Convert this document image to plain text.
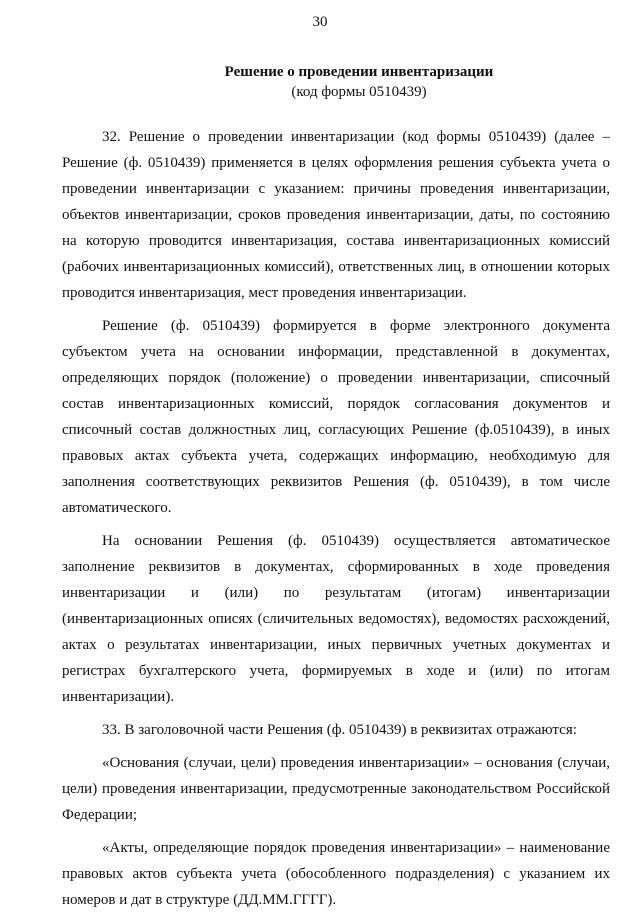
30
Решение о проведении инвентаризации
(код формы 0510439)

32. Решение о проведении инвентаризации (код формы 0510439) (далее – Решение (ф. 0510439) применяется в целях оформления решения субъекта учета о проведении инвентаризации с указанием: причины проведения инвентаризации, объектов инвентаризации, сроков проведения инвентаризации, даты, по состоянию на которую проводится инвентаризация, состава инвентаризационных комиссий (рабочих инвентаризационных комиссий), ответственных лиц, в отношении которых проводится инвентаризация, мест проведения инвентаризации.

Решение (ф. 0510439) формируется в форме электронного документа субъектом учета на основании информации, представленной в документах, определяющих порядок (положение) о проведении инвентаризации, списочный состав инвентаризационных комиссий, порядок согласования документов и списочный состав должностных лиц, согласующих Решение (ф.0510439), в иных правовых актах субъекта учета, содержащих информацию, необходимую для заполнения соответствующих реквизитов Решения (ф. 0510439), в том числе автоматического.

На основании Решения (ф. 0510439) осуществляется автоматическое заполнение реквизитов в документах, сформированных в ходе проведения инвентаризации и (или) по результатам (итогам) инвентаризации (инвентаризационных описях (сличительных ведомостях), ведомостях расхождений, актах о результатах инвентаризации, иных первичных учетных документах и регистрах бухгалтерского учета, формируемых в ходе и (или) по итогам инвентаризации).

33. В заголовочной части Решения (ф. 0510439) в реквизитах отражаются:

«Основания (случаи, цели) проведения инвентаризации» – основания (случаи, цели) проведения инвентаризации, предусмотренные законодательством Российской Федерации;

«Акты, определяющие порядок проведения инвентаризации» – наименование правовых актов субъекта учета (обособленного подразделения) с указанием их номеров и дат в структуре (ДД.ММ.ГГГГ).
